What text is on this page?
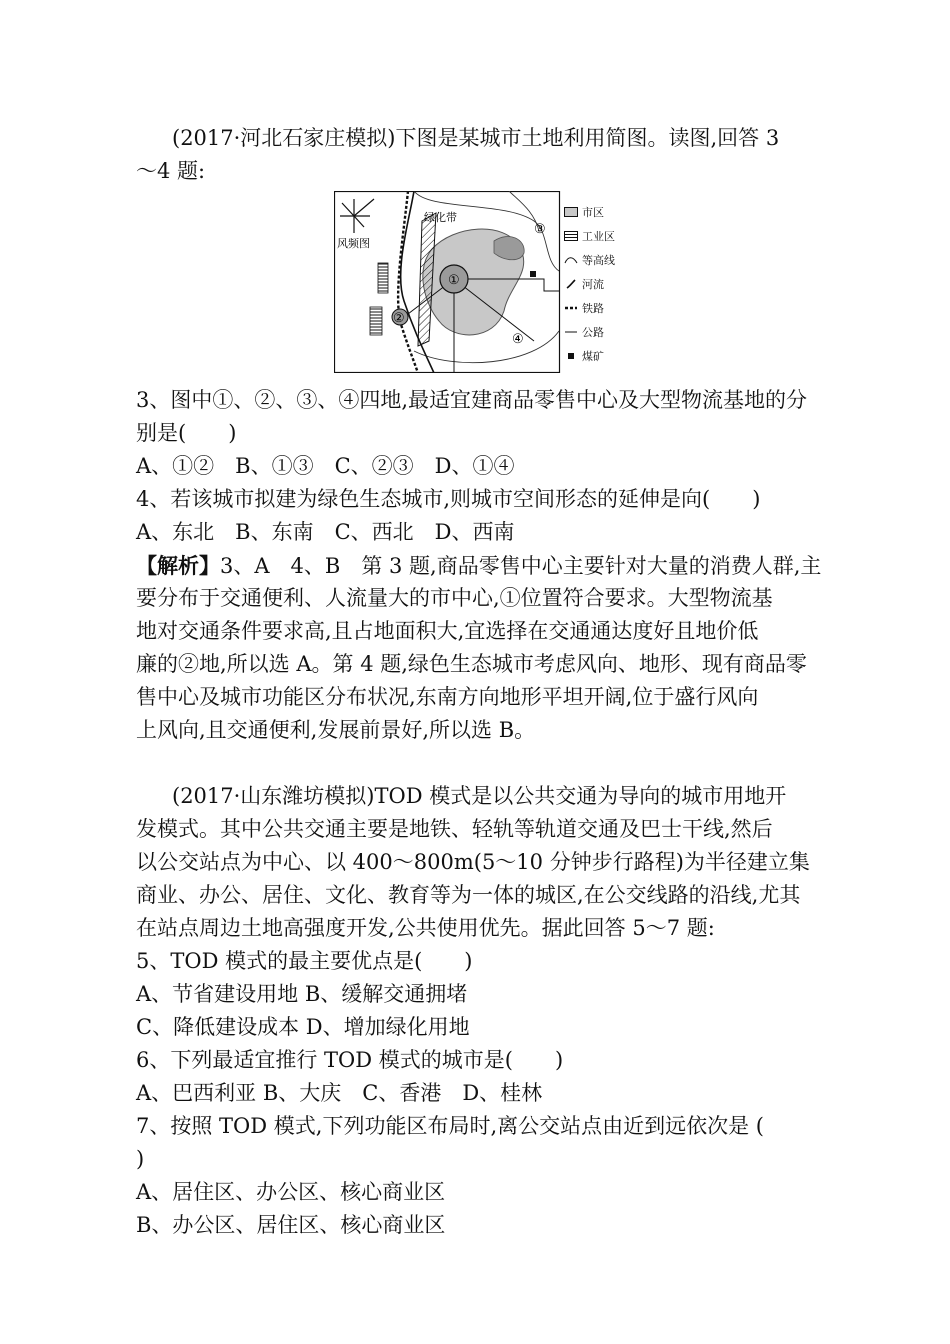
(2017·河北石家庄模拟)下图是某城市土地利用简图。读图,回答 3
～4 题:
风频图
绿化带
①
②
③
④
市区
工业区
等高线
河流
铁路
公路
煤矿
3、图中①、②、③、④四地,最适宜建商品零售中心及大型物流基地的分
别是(　　)
A、①②　B、①③　C、②③　D、①④
4、若该城市拟建为绿色生态城市,则城市空间形态的延伸是向(　　)
A、东北　B、东南　C、西北　D、西南
【解析】3、A　4、B　第 3 题,商品零售中心主要针对大量的消费人群,主
要分布于交通便利、人流量大的市中心,①位置符合要求。大型物流基
地对交通条件要求高,且占地面积大,宜选择在交通通达度好且地价低
廉的②地,所以选 A。第 4 题,绿色生态城市考虑风向、地形、现有商品零
售中心及城市功能区分布状况,东南方向地形平坦开阔,位于盛行风向
上风向,且交通便利,发展前景好,所以选 B。
(2017·山东潍坊模拟)TOD 模式是以公共交通为导向的城市用地开
发模式。其中公共交通主要是地铁、轻轨等轨道交通及巴士干线,然后
以公交站点为中心、以 400～800m(5～10 分钟步行路程)为半径建立集
商业、办公、居住、文化、教育等为一体的城区,在公交线路的沿线,尤其
在站点周边土地高强度开发,公共使用优先。据此回答 5～7 题:
5、TOD 模式的最主要优点是(　　)
A、节省建设用地 B、缓解交通拥堵
C、降低建设成本 D、增加绿化用地
6、下列最适宜推行 TOD 模式的城市是(　　)
A、巴西利亚 B、大庆　C、香港　D、桂林
7、按照 TOD 模式,下列功能区布局时,离公交站点由近到远依次是 (
)
A、居住区、办公区、核心商业区
B、办公区、居住区、核心商业区
